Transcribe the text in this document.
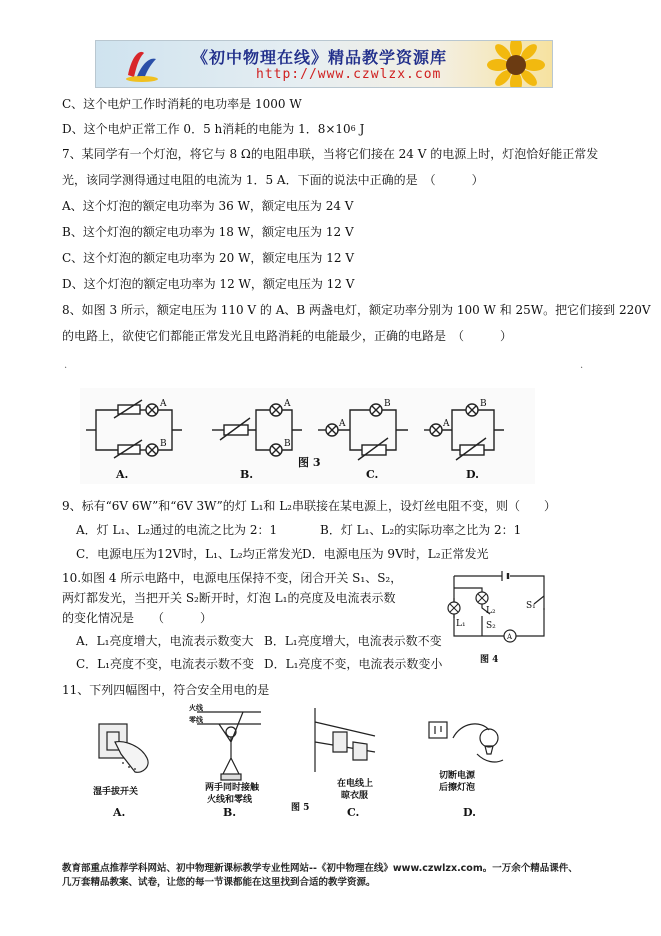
《初中物理在线》精品教学资源库
http://www.czwlzx.com
C、这个电炉工作时消耗的电功率是 1000 W
D、这个电炉正常工作 0．5 h消耗的电能为 1．$8\times 10^6$ J
7、某同学有一个灯泡，将它与 8 Ω的电阻串联，当将它们接在 24 V 的电源上时，灯泡恰好能正常发
光，该同学测得通过电阻的电流为 1．5 A．下面的说法中正确的是　（　　　）
A、这个灯泡的额定电功率为 36 W，额定电压为 24 V
B、这个灯泡的额定电功率为 18 W，额定电压为 12 V
C、这个灯泡的额定电功率为 20 W，额定电压为 12 V
D、这个灯泡的额定电功率为 12 W，额定电压为 12 V
8、如图 3 所示，额定电压为 110 V 的 A、B 两盏电灯，额定功率分别为 100 W 和 25W。把它们接到 220V
的电路上，欲使它们都能正常发光且电路消耗的电能最少，正确的电路是　（　　　）
.	.
A
B
A
B
A
B
A
B
A.	B.
图 3
C.	D.
9、标有“6V 6W”和“6V 3W”的灯 L₁和 L₂串联接在某电源上，设灯丝电阻不变，则（　　）
A．灯 L₁、L₂通过的电流之比为 2：1	B．灯 L₁、L₂的实际功率之比为 2：1
C．电源电压为12V时，L₁、L₂均正常发光 D．电源电压为 9V时，L₂正常发光
10.如图 4 所示电路中，电源电压保持不变，闭合开关 S₁、S₂，
两灯都发光，当把开关 S₂断开时，灯泡 L₁的亮度及电流表示数
的变化情况是　　（　　　）
A．L₁亮度增大，电流表示数变大 B．L₁亮度增大，电流表示数不变
C．L₁亮度不变，电流表示数不变 D．L₁亮度不变，电流表示数变小
L₁
L₂
S₂
S₁
A
图 4
11、下列四幅图中，符合安全用电的是
火线
零线
湿手拔开关	两手同时接触
火线和零线
在电线上
晾衣服
切断电源
后擦灯泡
A.	B.	C.	D.
图 5
教育部重点推荐学科网站、初中物理新课标教学专业性网站--《初中物理在线》www.czwlzx.com。一万余个精品课件、
几万套精品教案、试卷，让您的每一节课都能在这里找到合适的教学资源。
